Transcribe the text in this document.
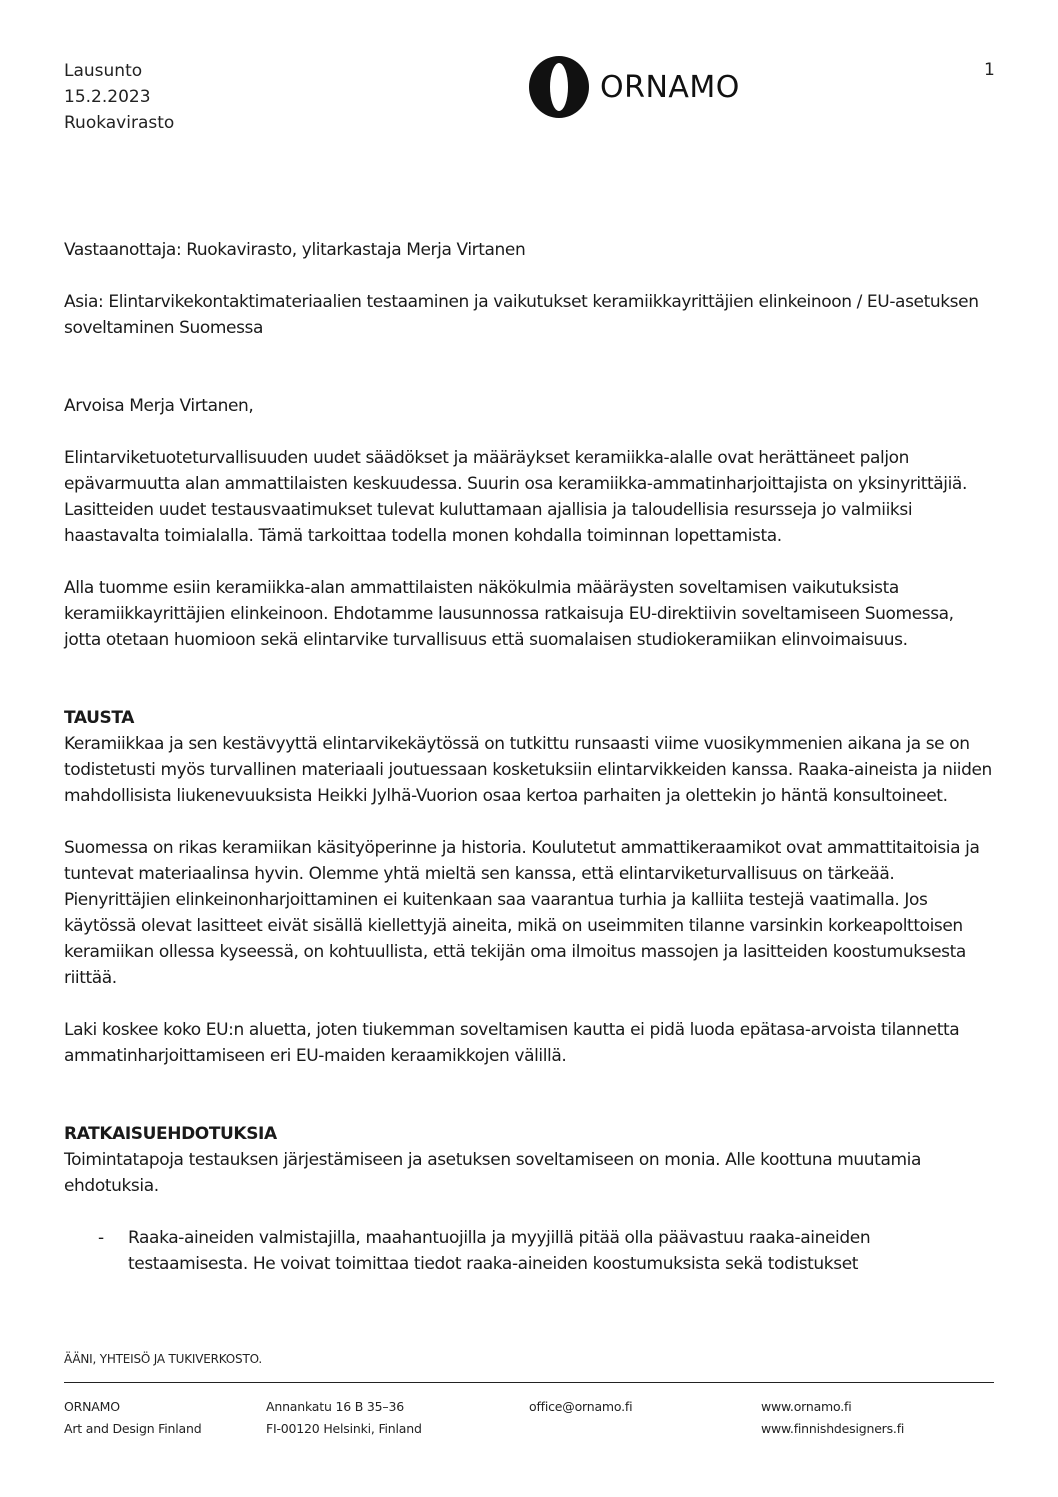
Lausunto
15.2.2023
Ruokavirasto
ORNAMO	1

Vastaanottaja: Ruokavirasto, ylitarkastaja Merja Virtanen

Asia: Elintarvikekontaktimateriaalien testaaminen ja vaikutukset keramiikkayrittäjien elinkeinoon / EU-asetuksen soveltaminen Suomessa

Arvoisa Merja Virtanen,

Elintarviketuoteturvallisuuden uudet säädökset ja määräykset keramiikka-alalle ovat herättäneet paljon epävarmuutta alan ammattilaisten keskuudessa. Suurin osa keramiikka-ammatinharjoittajista on yksinyrittäjiä. Lasitteiden uudet testausvaatimukset tulevat kuluttamaan ajallisia ja taloudellisia resursseja jo valmiiksi haastavalta toimialalla. Tämä tarkoittaa todella monen kohdalla toiminnan lopettamista.

Alla tuomme esiin keramiikka-alan ammattilaisten näkökulmia määräysten soveltamisen vaikutuksista keramiikkayrittäjien elinkeinoon. Ehdotamme lausunnossa ratkaisuja EU-direktiivin soveltamiseen Suomessa, jotta otetaan huomioon sekä elintarvike turvallisuus että suomalaisen studiokeramiikan elinvoimaisuus.

TAUSTA

Keramiikkaa ja sen kestävyyttä elintarvikekäytössä on tutkittu runsaasti viime vuosikymmenien aikana ja se on todistetusti myös turvallinen materiaali joutuessaan kosketuksiin elintarvikkeiden kanssa. Raaka-aineista ja niiden mahdollisista liukenevuuksista Heikki Jylhä-Vuorion osaa kertoa parhaiten ja olettekin jo häntä konsultoineet.

Suomessa on rikas keramiikan käsityöperinne ja historia. Koulutetut ammattikeraamikot ovat ammattitaitoisia ja tuntevat materiaalinsa hyvin. Olemme yhtä mieltä sen kanssa, että elintarviketurvallisuus on tärkeää. Pienyrittäjien elinkeinonharjoittaminen ei kuitenkaan saa vaarantua turhia ja kalliita testejä vaatimalla. Jos käytössä olevat lasitteet eivät sisällä kiellettyjä aineita, mikä on useimmiten tilanne varsinkin korkeapolttoisen keramiikan ollessa kyseessä, on kohtuullista, että tekijän oma ilmoitus massojen ja lasitteiden koostumuksesta riittää.

Laki koskee koko EU:n aluetta, joten tiukemman soveltamisen kautta ei pidä luoda epätasa-arvoista tilannetta ammatinharjoittamiseen eri EU-maiden keraamikkojen välillä.

RATKAISUEHDOTUKSIA

Toimintatapoja testauksen järjestämiseen ja asetuksen soveltamiseen on monia. Alle koottuna muutamia ehdotuksia.

- Raaka-aineiden valmistajilla, maahantuojilla ja myyjillä pitää olla päävastuu raaka-aineiden testaamisesta. He voivat toimittaa tiedot raaka-aineiden koostumuksista sekä todistukset
ÄÄNI, YHTEISÖ JA TUKIVERKOSTO.
ORNAMO
Art and Design Finland
Annankatu 16 B 35–36
FI-00120 Helsinki, Finland
office@ornamo.fi	www.ornamo.fi
www.finnishdesigners.fi
